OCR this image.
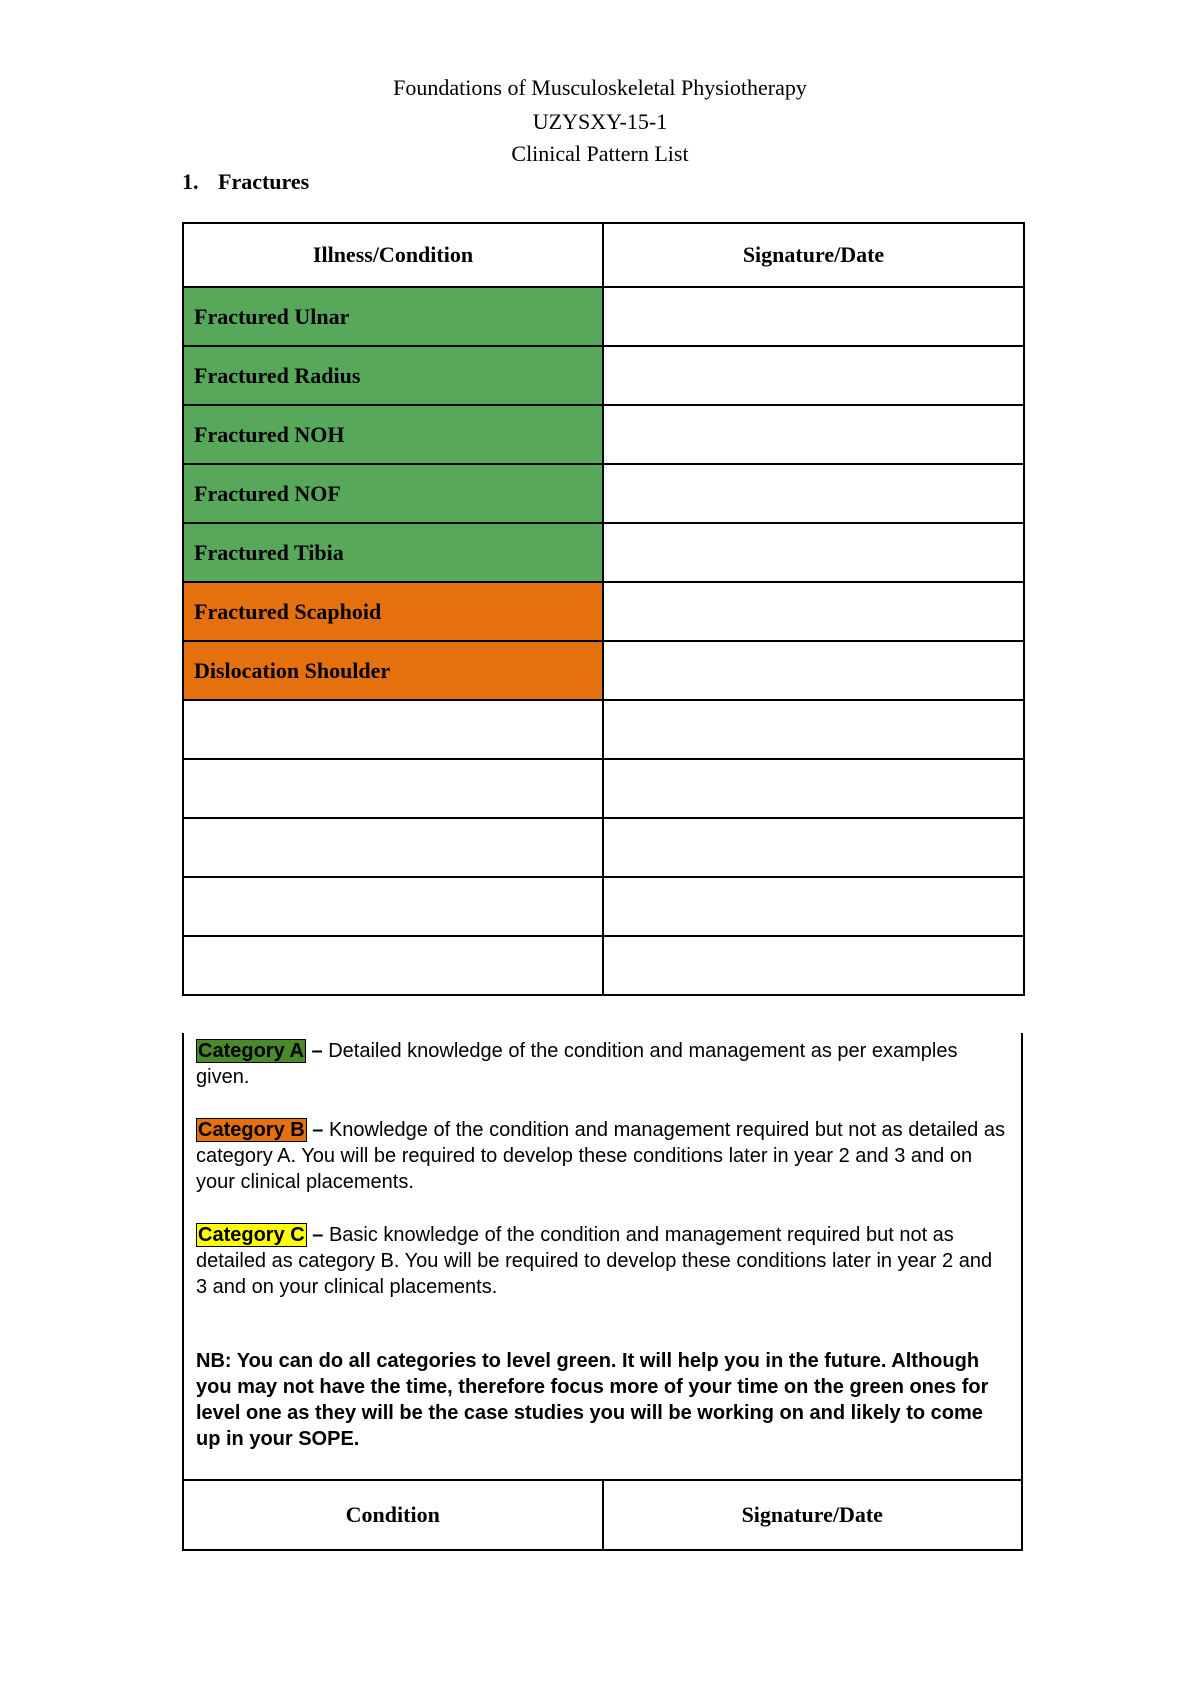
Foundations of Musculoskeletal Physiotherapy
UZYSXY-15-1
Clinical Pattern List
1. Fractures
Illness/Condition	Signature/Date
Fractured Ulnar	
Fractured Radius	
Fractured NOH	
Fractured NOF	
Fractured Tibia	
Fractured Scaphoid	
Dislocation Shoulder	

Category A – Detailed knowledge of the condition and management as per examples given.
Category B – Knowledge of the condition and management required but not as detailed as category A. You will be required to develop these conditions later in year 2 and 3 and on your clinical placements.
Category C – Basic knowledge of the condition and management required but not as detailed as category B. You will be required to develop these conditions later in year 2 and 3 and on your clinical placements.
NB: You can do all categories to level green. It will help you in the future. Although you may not have the time, therefore focus more of your time on the green ones for level one as they will be the case studies you will be working on and likely to come up in your SOPE.
Condition	Signature/Date
